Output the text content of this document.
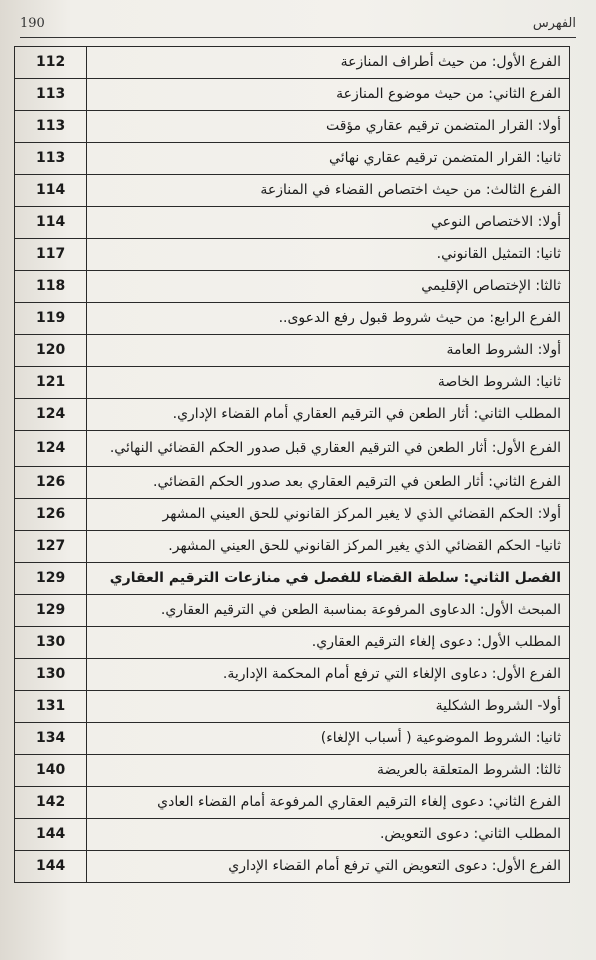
الفهرس
190
الفرع الأول: من حيث أطراف المنازعة	112
الفرع الثاني: من حيث موضوع المنازعة	113
أولا: القرار المتضمن ترقيم عقاري مؤقت	113
ثانيا: القرار المتضمن ترقيم عقاري نهائي	113
الفرع الثالث: من حيث اختصاص القضاء في المنازعة	114
أولا: الاختصاص النوعي	114
ثانيا: التمثيل القانوني.	117
ثالثا: الإختصاص الإقليمي	118
الفرع الرابع: من حيث شروط قبول رفع الدعوى..	119
أولا: الشروط العامة	120
ثانيا: الشروط الخاصة	121
المطلب الثاني: أثار الطعن في الترقيم العقاري أمام القضاء الإداري.	124
الفرع الأول: أثار الطعن في الترقيم العقاري قبل صدور الحكم القضائي النهائي.	124
الفرع الثاني: أثار الطعن في الترقيم العقاري بعد صدور الحكم القضائي.	126
أولا: الحكم القضائي الذي لا يغير المركز القانوني للحق العيني المشهر	126
ثانيا- الحكم القضائي الذي يغير المركز القانوني للحق العيني المشهر.	127
الفصل الثاني: سلطة القضاء للفصل في منازعات الترقيم العقاري	129
المبحث الأول: الدعاوى المرفوعة بمناسبة الطعن في الترقيم العقاري.	129
المطلب الأول: دعوى إلغاء الترقيم العقاري.	130
الفرع الأول: دعاوى الإلغاء التي ترفع أمام المحكمة الإدارية.	130
أولا- الشروط الشكلية	131
ثانيا: الشروط الموضوعية ( أسباب الإلغاء)	134
ثالثا: الشروط المتعلقة بالعريضة	140
الفرع الثاني: دعوى إلغاء الترقيم العقاري المرفوعة أمام القضاء العادي	142
المطلب الثاني: دعوى التعويض.	144
الفرع الأول: دعوى التعويض التي ترفع أمام القضاء الإداري	144
